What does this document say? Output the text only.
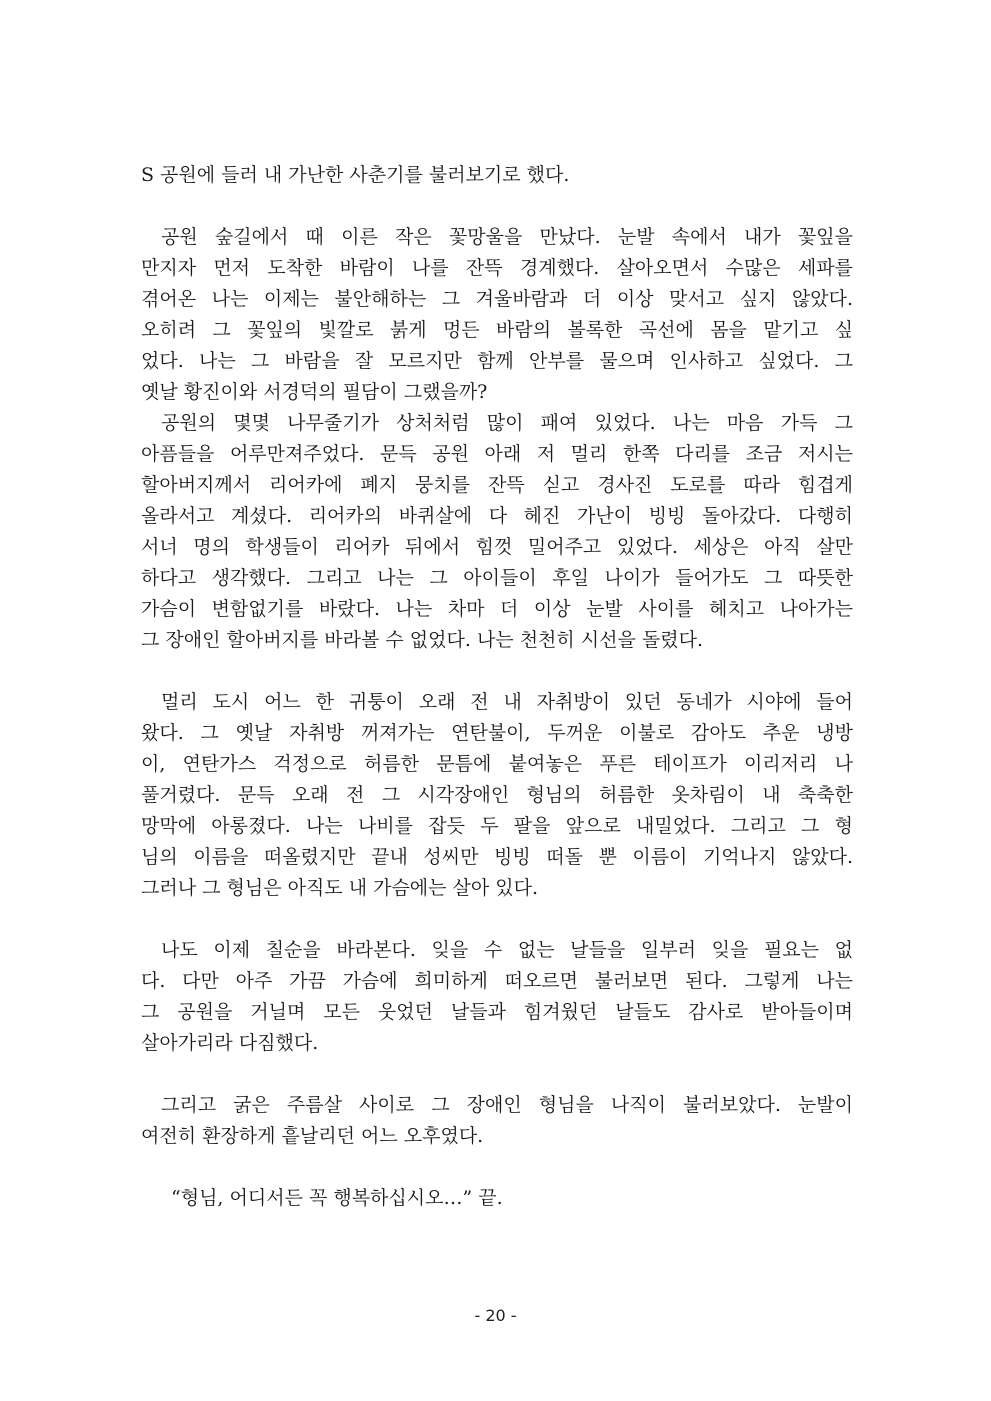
S 공원에 들러 내 가난한 사춘기를 불러보기로 했다.
공원 숲길에서 때 이른 작은 꽃망울을 만났다. 눈발 속에서 내가 꽃잎을
만지자 먼저 도착한 바람이 나를 잔뜩 경계했다. 살아오면서 수많은 세파를
겪어온 나는 이제는 불안해하는 그 겨울바람과 더 이상 맞서고 싶지 않았다.
오히려 그 꽃잎의 빛깔로 붉게 멍든 바람의 볼록한 곡선에 몸을 맡기고 싶
었다. 나는 그 바람을 잘 모르지만 함께 안부를 물으며 인사하고 싶었다. 그
옛날 황진이와 서경덕의 필담이 그랬을까?
공원의 몇몇 나무줄기가 상처처럼 많이 패여 있었다. 나는 마음 가득 그
아픔들을 어루만져주었다. 문득 공원 아래 저 멀리 한쪽 다리를 조금 저시는
할아버지께서 리어카에 폐지 뭉치를 잔뜩 싣고 경사진 도로를 따라 힘겹게
올라서고 계셨다. 리어카의 바퀴살에 다 헤진 가난이 빙빙 돌아갔다. 다행히
서너 명의 학생들이 리어카 뒤에서 힘껏 밀어주고 있었다. 세상은 아직 살만
하다고 생각했다. 그리고 나는 그 아이들이 후일 나이가 들어가도 그 따뜻한
가슴이 변함없기를 바랐다. 나는 차마 더 이상 눈발 사이를 헤치고 나아가는
그 장애인 할아버지를 바라볼 수 없었다. 나는 천천히 시선을 돌렸다.
멀리 도시 어느 한 귀퉁이 오래 전 내 자취방이 있던 동네가 시야에 들어
왔다. 그 옛날 자취방 꺼져가는 연탄불이, 두꺼운 이불로 감아도 추운 냉방
이, 연탄가스 걱정으로 허름한 문틈에 붙여놓은 푸른 테이프가 이리저리 나
풀거렸다. 문득 오래 전 그 시각장애인 형님의 허름한 옷차림이 내 축축한
망막에 아롱졌다. 나는 나비를 잡듯 두 팔을 앞으로 내밀었다. 그리고 그 형
님의 이름을 떠올렸지만 끝내 성씨만 빙빙 떠돌 뿐 이름이 기억나지 않았다.
그러나 그 형님은 아직도 내 가슴에는 살아 있다.
나도 이제 칠순을 바라본다. 잊을 수 없는 날들을 일부러 잊을 필요는 없
다. 다만 아주 가끔 가슴에 희미하게 떠오르면 불러보면 된다. 그렇게 나는
그 공원을 거닐며 모든 웃었던 날들과 힘겨웠던 날들도 감사로 받아들이며
살아가리라 다짐했다.
그리고 굵은 주름살 사이로 그 장애인 형님을 나직이 불러보았다. 눈발이
여전히 환장하게 흩날리던 어느 오후였다.
“형님, 어디서든 꼭 행복하십시오…” 끝.
- 20 -
